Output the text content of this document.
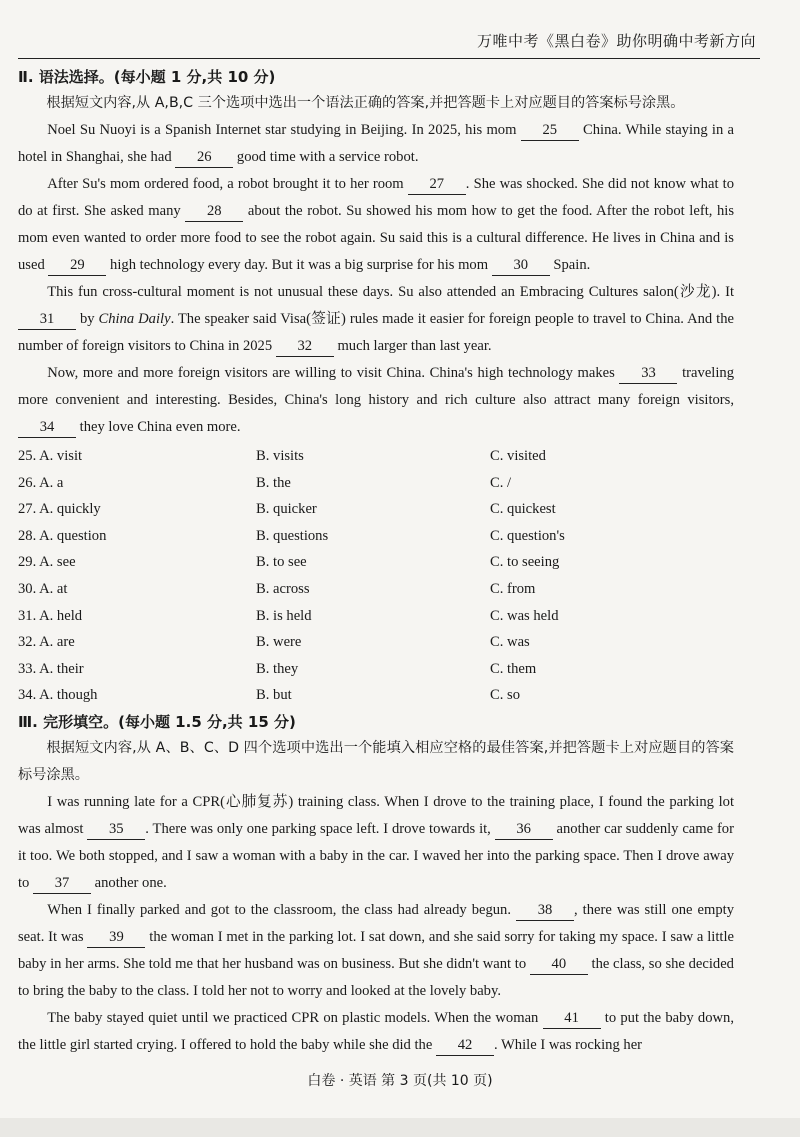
万唯中考《黑白卷》助你明确中考新方向

Ⅱ. 语法选择。(每小题 1 分,共 10 分)

根据短文内容,从 A,B,C 三个选项中选出一个语法正确的答案,并把答题卡上对应题目的答案标号涂黑。

Noel Su Nuoyi is a Spanish Internet star studying in Beijing. In 2025, his mom 25 China. While staying in a hotel in Shanghai, she had 26 good time with a service robot.

After Su's mom ordered food, a robot brought it to her room 27 . She was shocked. She did not know what to do at first. She asked many 28 about the robot. Su showed his mom how to get the food. After the robot left, his mom even wanted to order more food to see the robot again. Su said this is a cultural difference. He lives in China and is used 29 high technology every day. But it was a big surprise for his mom 30 Spain.

This fun cross-cultural moment is not unusual these days. Su also attended an Embracing Cultures salon(沙龙). It 31 by China Daily. The speaker said Visa(签证) rules made it easier for foreign people to travel to China. And the number of foreign visitors to China in 2025 32 much larger than last year.

Now, more and more foreign visitors are willing to visit China. China's high technology makes 33 traveling more convenient and interesting. Besides, China's long history and rich culture also attract many foreign visitors, 34 they love China even more.

25. A. visit	B. visits	C. visited
26. A. a	B. the	C. /
27. A. quickly	B. quicker	C. quickest
28. A. question	B. questions	C. question's
29. A. see	B. to see	C. to seeing
30. A. at	B. across	C. from
31. A. held	B. is held	C. was held
32. A. are	B. were	C. was
33. A. their	B. they	C. them
34. A. though	B. but	C. so

Ⅲ. 完形填空。(每小题 1.5 分,共 15 分)

根据短文内容,从 A、B、C、D 四个选项中选出一个能填入相应空格的最佳答案,并把答题卡上对应题目的答案标号涂黑。

I was running late for a CPR(心肺复苏) training class. When I drove to the training place, I found the parking lot was almost 35 . There was only one parking space left. I drove towards it, 36 another car suddenly came for it too. We both stopped, and I saw a woman with a baby in the car. I waved her into the parking space. Then I drove away to 37 another one.

When I finally parked and got to the classroom, the class had already begun. 38 , there was still one empty seat. It was 39 the woman I met in the parking lot. I sat down, and she said sorry for taking my space. I saw a little baby in her arms. She told me that her husband was on business. But she didn't want to 40 the class, so she decided to bring the baby to the class. I told her not to worry and looked at the lovely baby.

The baby stayed quiet until we practiced CPR on plastic models. When the woman 41 to put the baby down, the little girl started crying. I offered to hold the baby while she did the 42 . While I was rocking her

白卷 · 英语 第 3 页(共 10 页)
